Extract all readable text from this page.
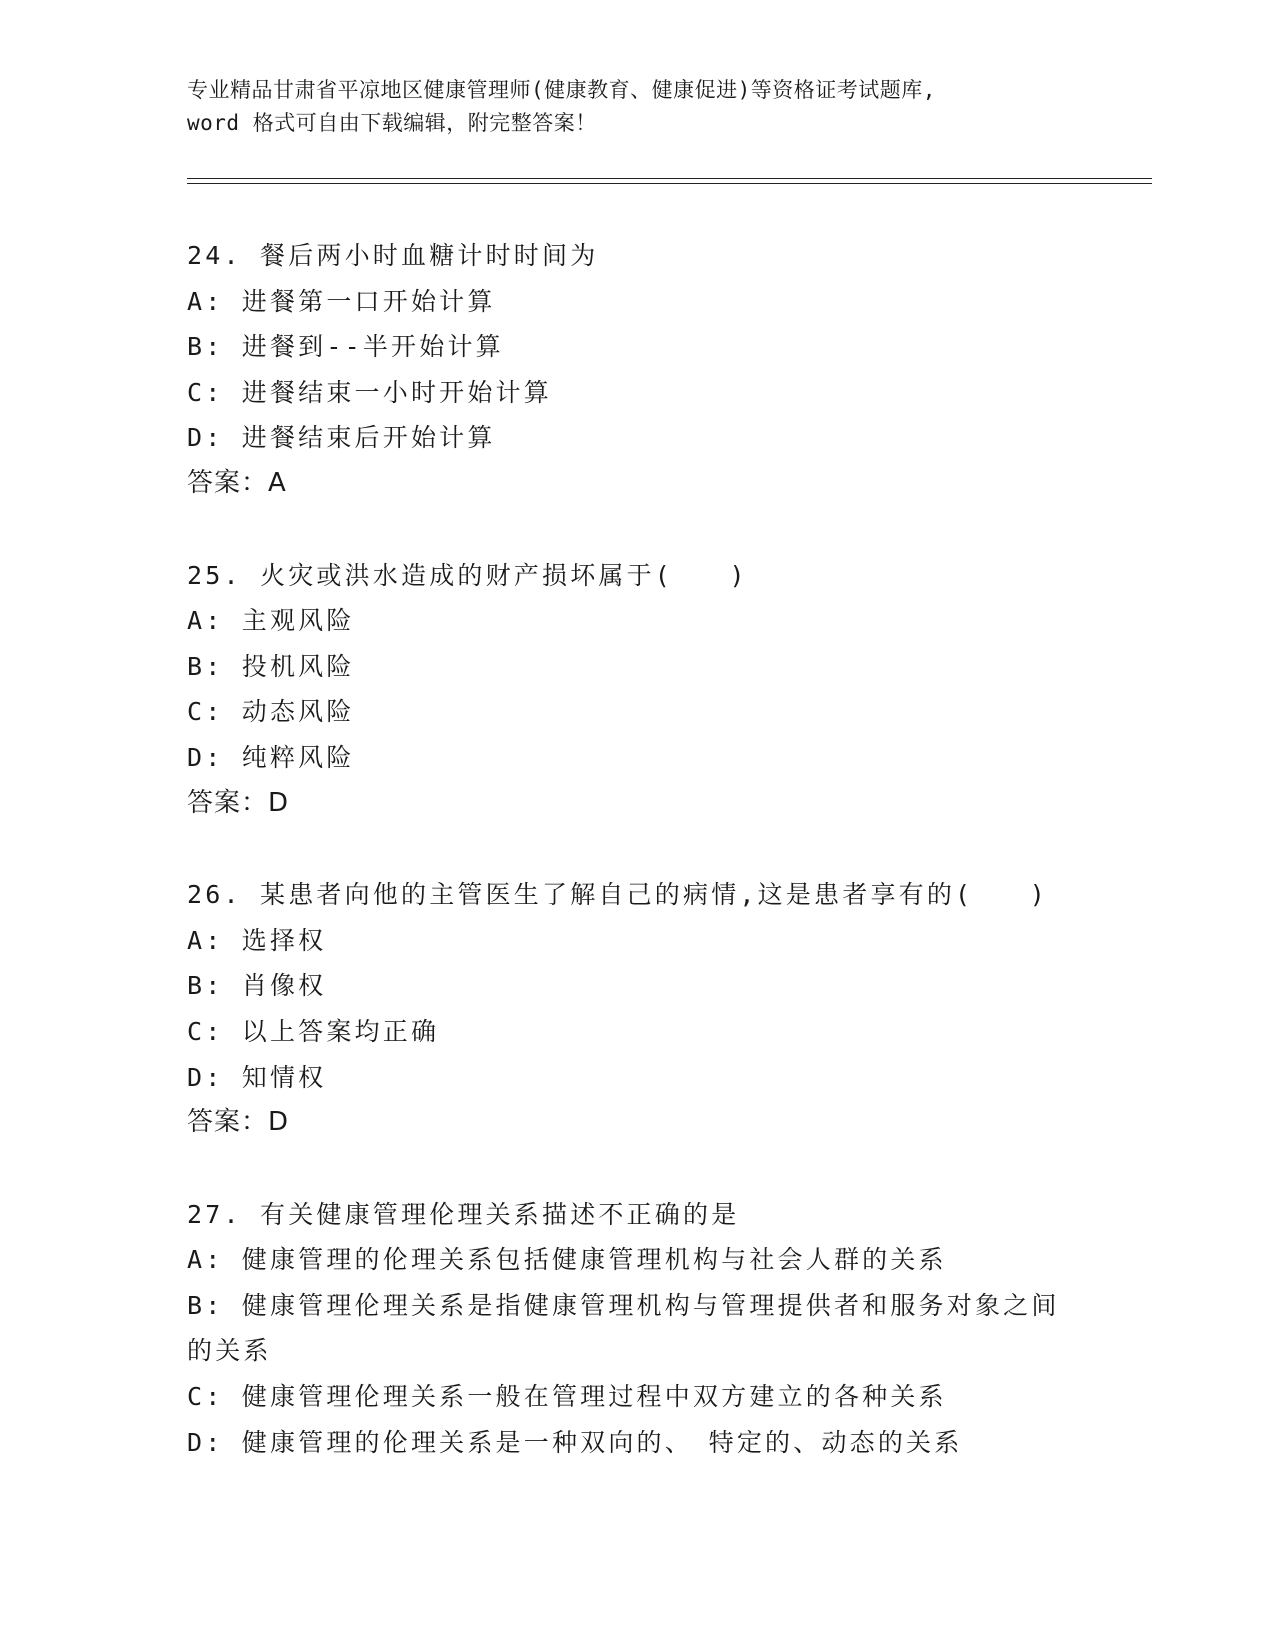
专业精品甘肃省平凉地区健康管理师(健康教育、健康促进)等资格证考试题库,
word 格式可自由下载编辑，附完整答案！
24. 餐后两小时血糖计时时间为
A: 进餐第一口开始计算
B: 进餐到--半开始计算
C: 进餐结束一小时开始计算
D: 进餐结束后开始计算
答案：A
25. 火灾或洪水造成的财产损坏属于(　　)
A: 主观风险
B: 投机风险
C: 动态风险
D: 纯粹风险
答案：D
26. 某患者向他的主管医生了解自己的病情,这是患者享有的(　　)
A: 选择权
B: 肖像权
C: 以上答案均正确
D: 知情权
答案：D
27. 有关健康管理伦理关系描述不正确的是
A: 健康管理的伦理关系包括健康管理机构与社会人群的关系
B: 健康管理伦理关系是指健康管理机构与管理提供者和服务对象之间的关系
C: 健康管理伦理关系一般在管理过程中双方建立的各种关系
D: 健康管理的伦理关系是一种双向的、　特定的、动态的关系
